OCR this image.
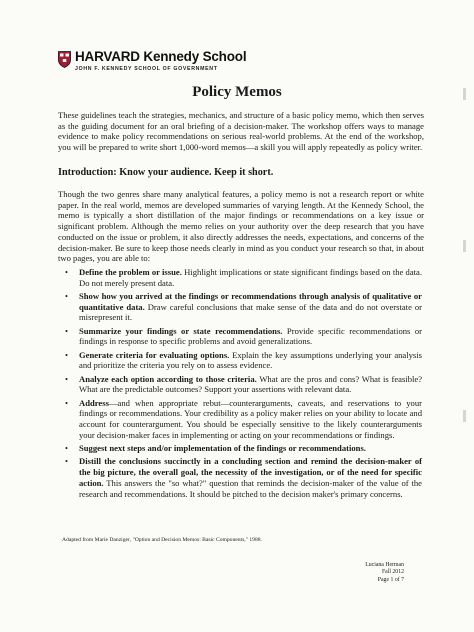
HARVARD Kennedy School
JOHN F. KENNEDY SCHOOL OF GOVERNMENT
Policy Memos

These guidelines teach the strategies, mechanics, and structure of a basic policy memo, which then serves as the guiding document for an oral briefing of a decision-maker. The workshop offers ways to manage evidence to make policy recommendations on serious real-world problems. At the end of the workshop, you will be prepared to write short 1,000-word memos—a skill you will apply repeatedly as policy writer.

Introduction: Know your audience. Keep it short.

Though the two genres share many analytical features, a policy memo is not a research report or white paper. In the real world, memos are developed summaries of varying length. At the Kennedy School, the memo is typically a short distillation of the major findings or recommendations on a key issue or significant problem. Although the memo relies on your authority over the deep research that you have conducted on the issue or problem, it also directly addresses the needs, expectations, and concerns of the decision-maker. Be sure to keep those needs clearly in mind as you conduct your research so that, in about two pages, you are able to:

• Define the problem or issue. Highlight implications or state significant findings based on the data. Do not merely present data.
• Show how you arrived at the findings or recommendations through analysis of qualitative or quantitative data. Draw careful conclusions that make sense of the data and do not overstate or misrepresent it.
• Summarize your findings or state recommendations. Provide specific recommendations or findings in response to specific problems and avoid generalizations.
• Generate criteria for evaluating options. Explain the key assumptions underlying your analysis and prioritize the criteria you rely on to assess evidence.
• Analyze each option according to those criteria. What are the pros and cons? What is feasible? What are the predictable outcomes? Support your assertions with relevant data.
• Address—and when appropriate rebut—counterarguments, caveats, and reservations to your findings or recommendations. Your credibility as a policy maker relies on your ability to locate and account for counterargument. You should be especially sensitive to the likely counterarguments your decision-maker faces in implementing or acting on your recommendations or findings.
• Suggest next steps and/or implementation of the findings or recommendations.
• Distill the conclusions succinctly in a concluding section and remind the decision-maker of the big picture, the overall goal, the necessity of the investigation, or of the need for specific action. This answers the "so what?" question that reminds the decision-maker of the value of the research and recommendations. It should be pitched to the decision maker's primary concerns.
Adapted from Marie Danziger, "Option and Decision Memos: Basic Components," 1988.
Luciana Herman
Fall 2012
Page 1 of 7
